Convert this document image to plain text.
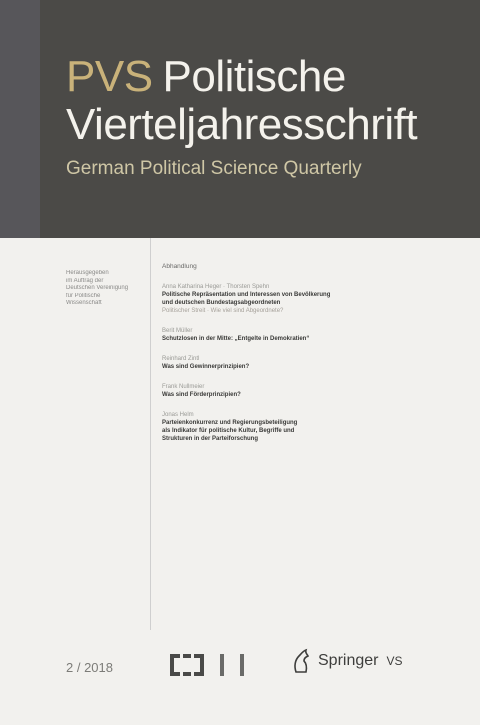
PVS Politische
Vierteljahresschrift
German Political Science Quarterly
Herausgegeben
im Auftrag der
Deutschen Vereinigung
für Politische
Wissenschaft
Abhandlung
Anna Katharina Heger · Thorsten Spehn
Politische Repräsentation und Interessen von Bevölkerung
und deutschen Bundestagsabgeordneten
Politischer Streit · Wie viel sind Abgeordnete?
Berit Müller
Schutzlosen in der Mitte: „Entgelte in Demokratien“
Reinhard Zintl
Was sind Gewinnerprinzipien?
Frank Nullmeier
Was sind Förderprinzipien?
Jonas Helm
Parteienkonkurrenz und Regierungsbeteiligung
als Indikator für politische Kultur, Begriffe und
Strukturen in der Parteiforschung
2 / 2018	Springer VS
